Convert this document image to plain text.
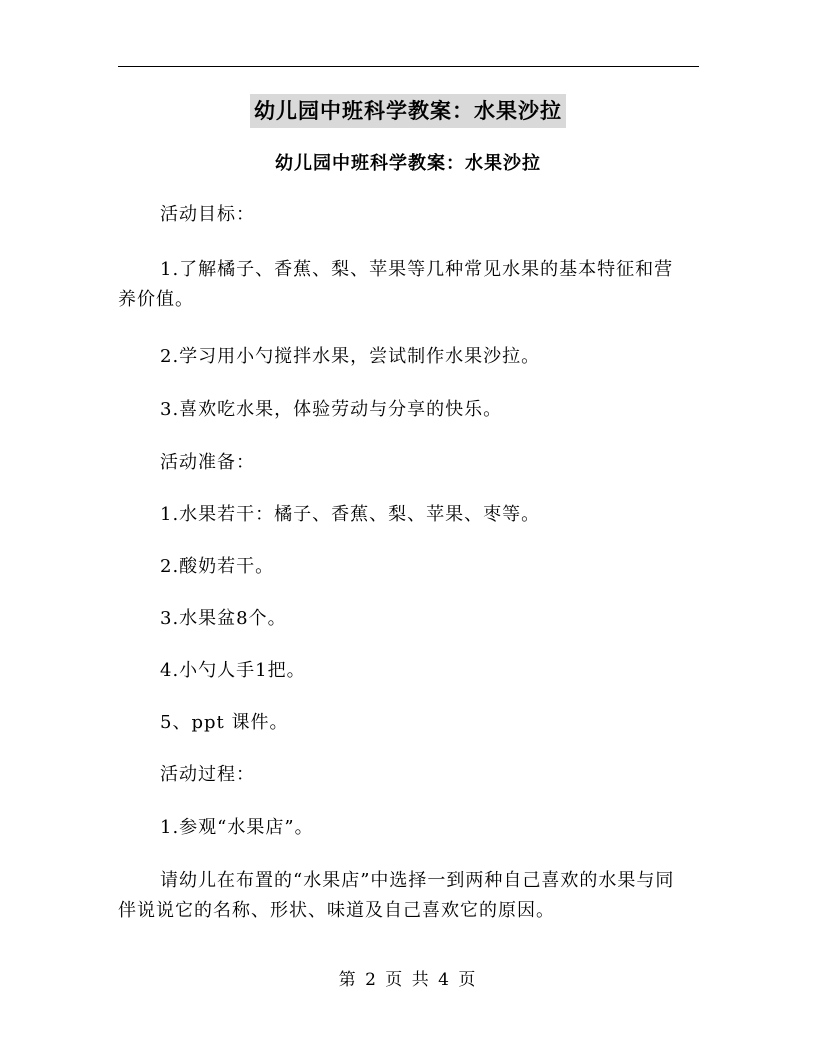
幼儿园中班科学教案：水果沙拉
幼儿园中班科学教案：水果沙拉
活动目标：
1.了解橘子、香蕉、梨、苹果等几种常见水果的基本特征和营养价值。
2.学习用小勺搅拌水果，尝试制作水果沙拉。
3.喜欢吃水果，体验劳动与分享的快乐。
活动准备：
1.水果若干：橘子、香蕉、梨、苹果、枣等。
2.酸奶若干。
3.水果盆8个。
4.小勺人手1把。
5、ppt 课件。
活动过程：
1.参观“水果店”。
请幼儿在布置的“水果店”中选择一到两种自己喜欢的水果与同伴说说它的名称、形状、味道及自己喜欢它的原因。
第 2 页 共 4 页
